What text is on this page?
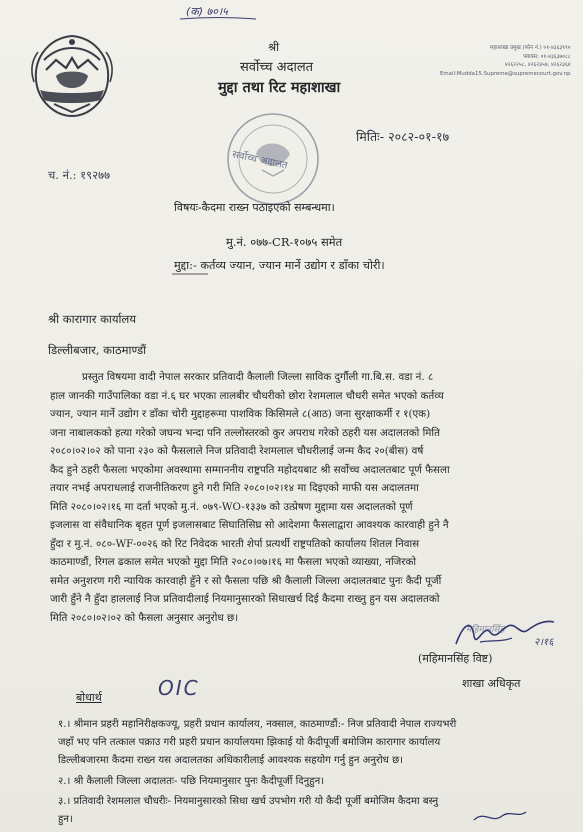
(क) ७०।५
श्री
सर्वोच्च अदालत
मुद्दा तथा रिट महाशाखा
महाशाखा प्रमुख (फोन नं.) ०१-४३६३९९०
फ्याक्स: ०१-४३६३७०८८
४२६२२५८, ४२६२३५७, ४२६२३६४
Email:Mudda15.Supreme@supremecourt.gov.np
मितिः- २०८२-०१-१७
सर्वोच्च अदालत
च. नं.: १९२७७
विषयः-कैदमा राख्न पठाइएको सम्बन्धमा।
मु.नं. ०७७-CR-१०७५ समेत
मुद्दा:- कर्तव्य ज्यान, ज्यान मार्ने उद्योग र डाँका चोरी।
श्री कारागार कार्यालय
डिल्लीबजार, काठमाण्डौं
प्रस्तुत विषयमा वादी नेपाल सरकार प्रतिवादी कैलाली जिल्ला साविक दुर्गौली गा.बि.स. वडा नं. ८
हाल जानकी गाउँपालिका वडा नं.६ घर भएका लालबीर चौधरीको छोरा रेशमलाल चौधरी समेत भएको कर्तव्य
ज्यान, ज्यान मार्ने उद्योग र डाँका चोरी मुद्दाहरूमा पाशविक किसिमले ८(आठ) जना सुरक्षाकर्मी र १(एक)
जना नाबालकको हत्या गरेको जघन्य भन्दा पनि तल्लोस्तरको कुर अपराध गरेको ठहरी यस अदालतको मिति
२०८०।०२।०२ को पाना २३० को फैसलाले निज प्रतिवादी रेशमलाल चौधरीलाई जन्म कैद २०(बीस) वर्ष
कैद हुने ठहरी फैसला भएकोमा अवस्थामा सम्माननीय राष्ट्रपति महोदयबाट श्री सर्वोच्च अदालतबाट पूर्ण फैसला
तयार नभई अपराधलाई राजनीतिकरण हुने गरी मिति २०८०।०२।१४ मा दिइएको माफी यस अदालतमा
मिति २०८०।०२।१६ मा दर्ता भएको मु.नं. ०७९-WO-१३३७ को उत्प्रेषण मुद्दामा यस अदालतको पूर्ण
इजलास वा संवैधानिक बृहत पूर्ण इजलासबाट सिघातिसिघ्र सो आदेशमा फैसलाद्वारा आवश्यक कारवाही हुने नै
हुँदा र मु.नं. ०८०-WF-००२६ को रिट निवेदक भारती शेर्पा प्रत्यर्थी राष्ट्रपतिको कार्यालय शितल निवास
काठमाण्डौं, रिगल ढकाल समेत भएको मुद्दा मिति २०८०।०७।१६ मा फैसला भएको व्याख्या, नजिरको
समेत अनुशरण गरी न्यायिक कारवाही हुँने र सो फैसला पछि श्री कैलाली जिल्ला अदालतबाट पुनः कैदी पूर्जी
जारी हुँने नै हुँदा हाललाई निज प्रतिवादीलाई नियमानुसारको सिधाखर्च दिई कैदमा राख्नु हुन यस अदालतको
मिति २०८०।०२।०२ को फैसला अनुसार अनुरोध छ।
महिमानसिंह
२।१६
(महिमानसिंह विष्ट)
शाखा अधिकृत
बोधार्थ	OIC
१.। श्रीमान प्रहरी महानिरीक्षकज्यू, प्रहरी प्रधान कार्यालय, नक्साल, काठमाण्डौं:- निज प्रतिवादी नेपाल राज्यभरी
जहाँ भए पनि तत्काल पक्राउ गरी प्रहरी प्रधान कार्यालयमा झिकाई यो कैदीपूर्जी बमोजिम कारागार कार्यालय
डिल्लीबजारमा कैदमा राख्न यस अदालतका अधिकारीलाई आवश्यक सहयोग गर्नु हुन अनुरोध छ।
२.। श्री कैलाली जिल्ला अदालतः- पछि नियमानुसार पुनः कैदीपूर्जी दिनुहुन।
३.। प्रतिवादी रेशमलाल चौधरीः- नियमानुसारको सिधा खर्च उपभोग गरी यो कैदी पूर्जी बमोजिम कैदमा बस्नु
हुन।
